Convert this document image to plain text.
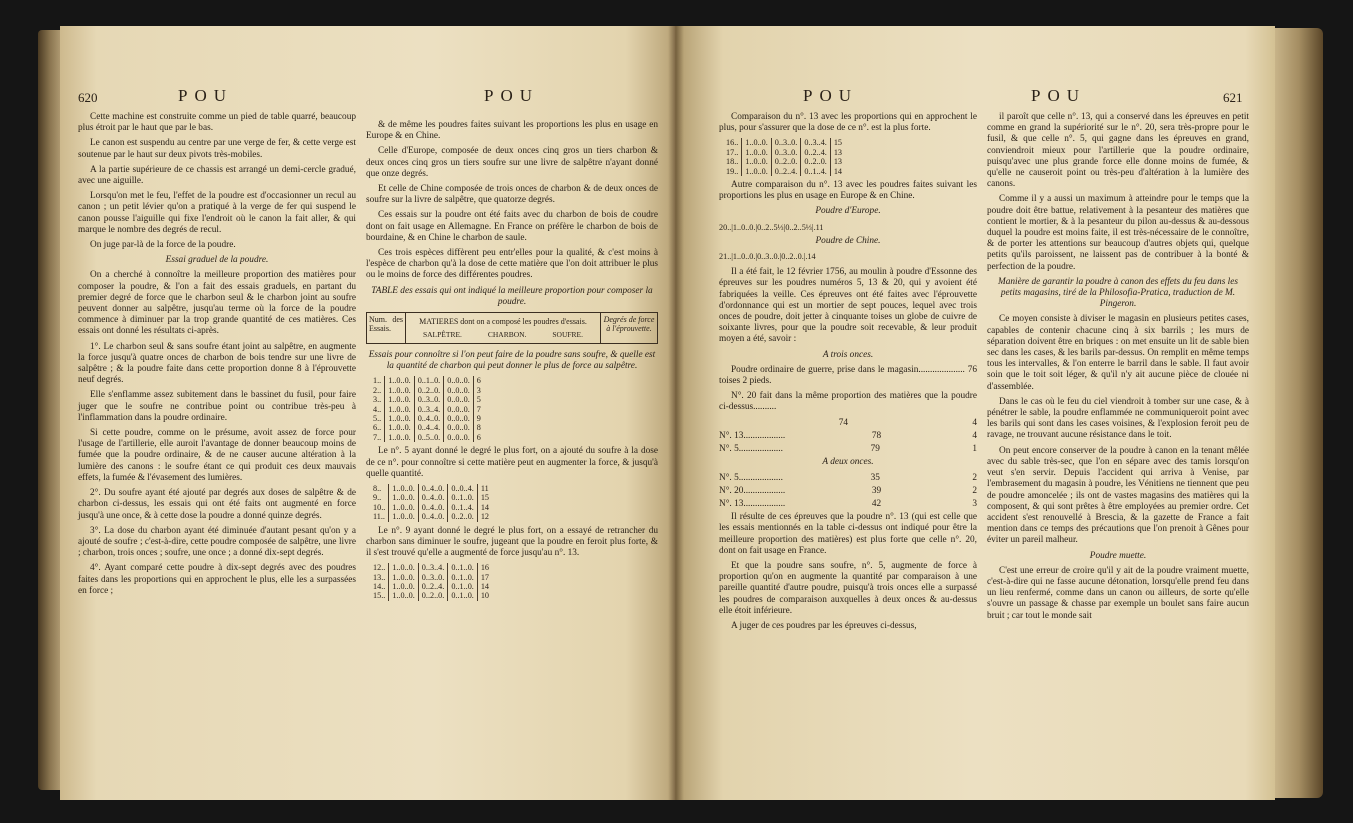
620	POU	POU

Cette machine est construite comme un pied de table quarré, beaucoup plus étroit par le haut que par le bas.

Le canon est suspendu au centre par une verge de fer, & cette verge est soutenue par le haut sur deux pivots très-mobiles.

A la partie supérieure de ce chassis est arrangé un demi-cercle gradué, avec une aiguille.

Lorsqu'on met le feu, l'effet de la poudre est d'occasionner un recul au canon ; un petit lévier qu'on a pratiqué à la verge de fer qui suspend le canon pousse l'aiguille qui fixe l'endroit où le canon la fait aller, & qui marque le nombre des degrés de recul.

On juge par-là de la force de la poudre.

Essai graduel de la poudre.

On a cherché à connoître la meilleure proportion des matières pour composer la poudre, & l'on a fait des essais graduels, en partant du premier degré de force que le charbon seul & le charbon joint au soufre peuvent donner au salpêtre, jusqu'au terme où la force de la poudre commence à diminuer par la trop grande quantité de ces matières. Ces essais ont donné les résultats ci-après.

1°. Le charbon seul & sans soufre étant joint au salpêtre, en augmente la force jusqu'à quatre onces de charbon de bois tendre sur une livre de salpêtre ; & la poudre faite dans cette proportion donne 8 à l'éprouvette neuf degrés.

Elle s'enflamme assez subitement dans le bassinet du fusil, pour faire juger que le soufre ne contribue point ou contribue très-peu à l'inflammation dans la poudre ordinaire.

Si cette poudre, comme on le présume, avoit assez de force pour l'usage de l'artillerie, elle auroit l'avantage de donner beaucoup moins de fumée que la poudre ordinaire, & de ne causer aucune altération à la lumière des canons : le soufre étant ce qui produit ces deux mauvais effets, la fumée & l'évasement des lumières.

2°. Du soufre ayant été ajouté par degrés aux doses de salpêtre & de charbon ci-dessus, les essais qui ont été faits ont augmenté en force jusqu'à une once, & à cette dose la poudre a donné quinze degrés.

3°. La dose du charbon ayant été diminuée d'autant pesant qu'on y a ajouté de soufre ; c'est-à-dire, cette poudre composée de salpêtre, une livre ; charbon, trois onces ; soufre, une once ; a donné dix-sept degrés.

4°. Ayant comparé cette poudre à dix-sept degrés avec des poudres faites dans les proportions qui en approchent le plus, elle les a surpassées en force ;

& de même les poudres faites suivant les proportions les plus en usage en Europe & en Chine.

Celle d'Europe, composée de deux onces cinq gros un tiers charbon & deux onces cinq gros un tiers soufre sur une livre de salpêtre n'ayant donné que onze degrés.

Et celle de Chine composée de trois onces de charbon & de deux onces de soufre sur la livre de salpêtre, que quatorze degrés.

Ces essais sur la poudre ont été faits avec du charbon de bois de coudre dont on fait usage en Allemagne. En France on préfère le charbon de bois de bourdaine, & en Chine le charbon de saule.

Ces trois espèces diffèrent peu entr'elles pour la qualité, & c'est moins à l'espèce de charbon qu'à la dose de cette matière que l'on doit attribuer le plus ou le moins de force des différentes poudres.

TABLE des essais qui ont indiqué la meilleure proportion pour composer la poudre.

Num. des Essais.
MATIERES dont on a composé les poudres d'essais.
SALPÊTRE.	CHARBON.	SOUFRE.
Degrés de force à l'éprouvette.

Essais pour connoître si l'on peut faire de la poudre sans soufre, & quelle est la quantité de charbon qui peut donner le plus de force au salpêtre.

1..	1..0..0.	0..1..0.	0..0..0.	6
2..	1..0..0.	0..2..0.	0..0..0.	3
3..	1..0..0.	0..3..0.	0..0..0.	5
4..	1..0..0.	0..3..4.	0..0..0.	7
5..	1..0..0.	0..4..0.	0..0..0.	9
6..	1..0..0.	0..4..4.	0..0..0.	8
7..	1..0..0.	0..5..0.	0..0..0.	6

Le n°. 5 ayant donné le degré le plus fort, on a ajouté du soufre à la dose de ce n°. pour connoître si cette matière peut en augmenter la force, & jusqu'à quelle quantité.

8..	1..0..0.	0..4..0.	0..0..4.	11
9..	1..0..0.	0..4..0.	0..1..0.	15
10..	1..0..0.	0..4..0.	0..1..4.	14
11..	1..0..0.	0..4..0.	0..2..0.	12

Le n°. 9 ayant donné le degré le plus fort, on a essayé de retrancher du charbon sans diminuer le soufre, jugeant que la poudre en feroit plus forte, & il s'est trouvé qu'elle a augmenté de force jusqu'au n°. 13.

12..	1..0..0.	0..3..4.	0..1..0.	16
13..	1..0..0.	0..3..0.	0..1..0.	17
14..	1..0..0.	0..2..4.	0..1..0.	14
15..	1..0..0.	0..2..0.	0..1..0.	10
POU	POU	621

Comparaison du n°. 13 avec les proportions qui en approchent le plus, pour s'assurer que la dose de ce n°. est la plus forte.

16..	1..0..0.	0..3..0.	0..3..4.	15
17..	1..0..0.	0..3..0.	0..2..4.	13
18..	1..0..0.	0..2..0.	0..2..0.	13
19..	1..0..0.	0..2..4.	0..1..4.	14

Autre comparaison du n°. 13 avec les poudres faites suivant les proportions les plus en usage en Europe & en Chine.

Poudre d'Europe.

20..|1..0..0.|0..2..5⅓|0..2..5⅓|.11

Poudre de Chine.

21..|1..0..0.|0..3..0.|0..2..0.|.14

Il a été fait, le 12 février 1756, au moulin à poudre d'Essonne des épreuves sur les poudres numéros 5, 13 & 20, qui y avoient été fabriquées la veille. Ces épreuves ont été faites avec l'éprouvette d'ordonnance qui est un mortier de sept pouces, lequel avec trois onces de poudre, doit jetter à cinquante toises un globe de cuivre de soixante livres, pour que la poudre soit recevable, & leur produit moyen a été, savoir :

A trois onces.

Poudre ordinaire de guerre, prise dans le magasin.................... 76 toises 2 pieds.

N°. 20 fait dans la même proportion des matières que la poudre ci-dessus..........

74	4
N°. 13..................	78	4
N°. 5...................	79	1

A deux onces.

N°. 5...................	35	2
N°. 20..................	39	2
N°. 13..................	42	3

Il résulte de ces épreuves que la poudre n°. 13 (qui est celle que les essais mentionnés en la table ci-dessus ont indiqué pour être la meilleure proportion des matières) est plus forte que celle n°. 20, dont on fait usage en France.

Et que la poudre sans soufre, n°. 5, augmente de force à proportion qu'on en augmente la quantité par comparaison à une pareille quantité d'autre poudre, puisqu'à trois onces elle a surpassé les poudres de comparaison auxquelles à deux onces & au-dessus elle étoit inférieure.

A juger de ces poudres par les épreuves ci-dessus,

il paroît que celle n°. 13, qui a conservé dans les épreuves en petit comme en grand la supériorité sur le n°. 20, sera très-propre pour le fusil, & que celle n°. 5, qui gagne dans les épreuves en grand, conviendroit mieux pour l'artillerie que la poudre ordinaire, puisqu'avec une plus grande force elle donne moins de fumée, & qu'elle ne causeroit point ou très-peu d'altération à la lumière des canons.

Comme il y a aussi un maximum à atteindre pour le temps que la poudre doit être battue, relativement à la pesanteur des matières que contient le mortier, & à la pesanteur du pilon au-dessus & au-dessous duquel la poudre est moins faite, il est très-nécessaire de le connoître, & de porter les attentions sur beaucoup d'autres objets qui, quelque petits qu'ils paroissent, ne laissent pas de contribuer à la bonté & perfection de la poudre.

Manière de garantir la poudre à canon des effets du feu dans les petits magasins, tiré de la Philosofia-Pratica, traduction de M. Pingeron.

Ce moyen consiste à diviser le magasin en plusieurs petites cases, capables de contenir chacune cinq à six barrils ; les murs de séparation doivent être en briques : on met ensuite un lit de sable bien sec dans les cases, & les barils par-dessus. On remplit en même temps tous les intervalles, & l'on enterre le barril dans le sable. Il faut avoir soin que le toit soit léger, & qu'il n'y ait aucune pièce de clouée ni d'assemblée.

Dans le cas où le feu du ciel viendroit à tomber sur une case, & à pénétrer le sable, la poudre enflammée ne communiqueroit point avec les barils qui sont dans les cases voisines, & l'explosion feroit peu de ravage, ne trouvant aucune résistance dans le toit.

On peut encore conserver de la poudre à canon en la tenant mêlée avec du sable très-sec, que l'on en sépare avec des tamis lorsqu'on veut s'en servir. Depuis l'accident qui arriva à Venise, par l'embrasement du magasin à poudre, les Vénitiens ne tiennent que peu de poudre amoncelée ; ils ont de vastes magasins des matières qui la composent, & qui sont prêtes à être employées au premier ordre. Cet accident s'est renouvellé à Brescia, & la gazette de France a fait mention dans ce temps des précautions que l'on prenoit à Gênes pour éviter un pareil malheur.

Poudre muette.

C'est une erreur de croire qu'il y ait de la poudre vraiment muette, c'est-à-dire qui ne fasse aucune détonation, lorsqu'elle prend feu dans un lieu renfermé, comme dans un canon ou ailleurs, de sorte qu'elle s'ouvre un passage & chasse par exemple un boulet sans faire aucun bruit ; car tout le monde sait
